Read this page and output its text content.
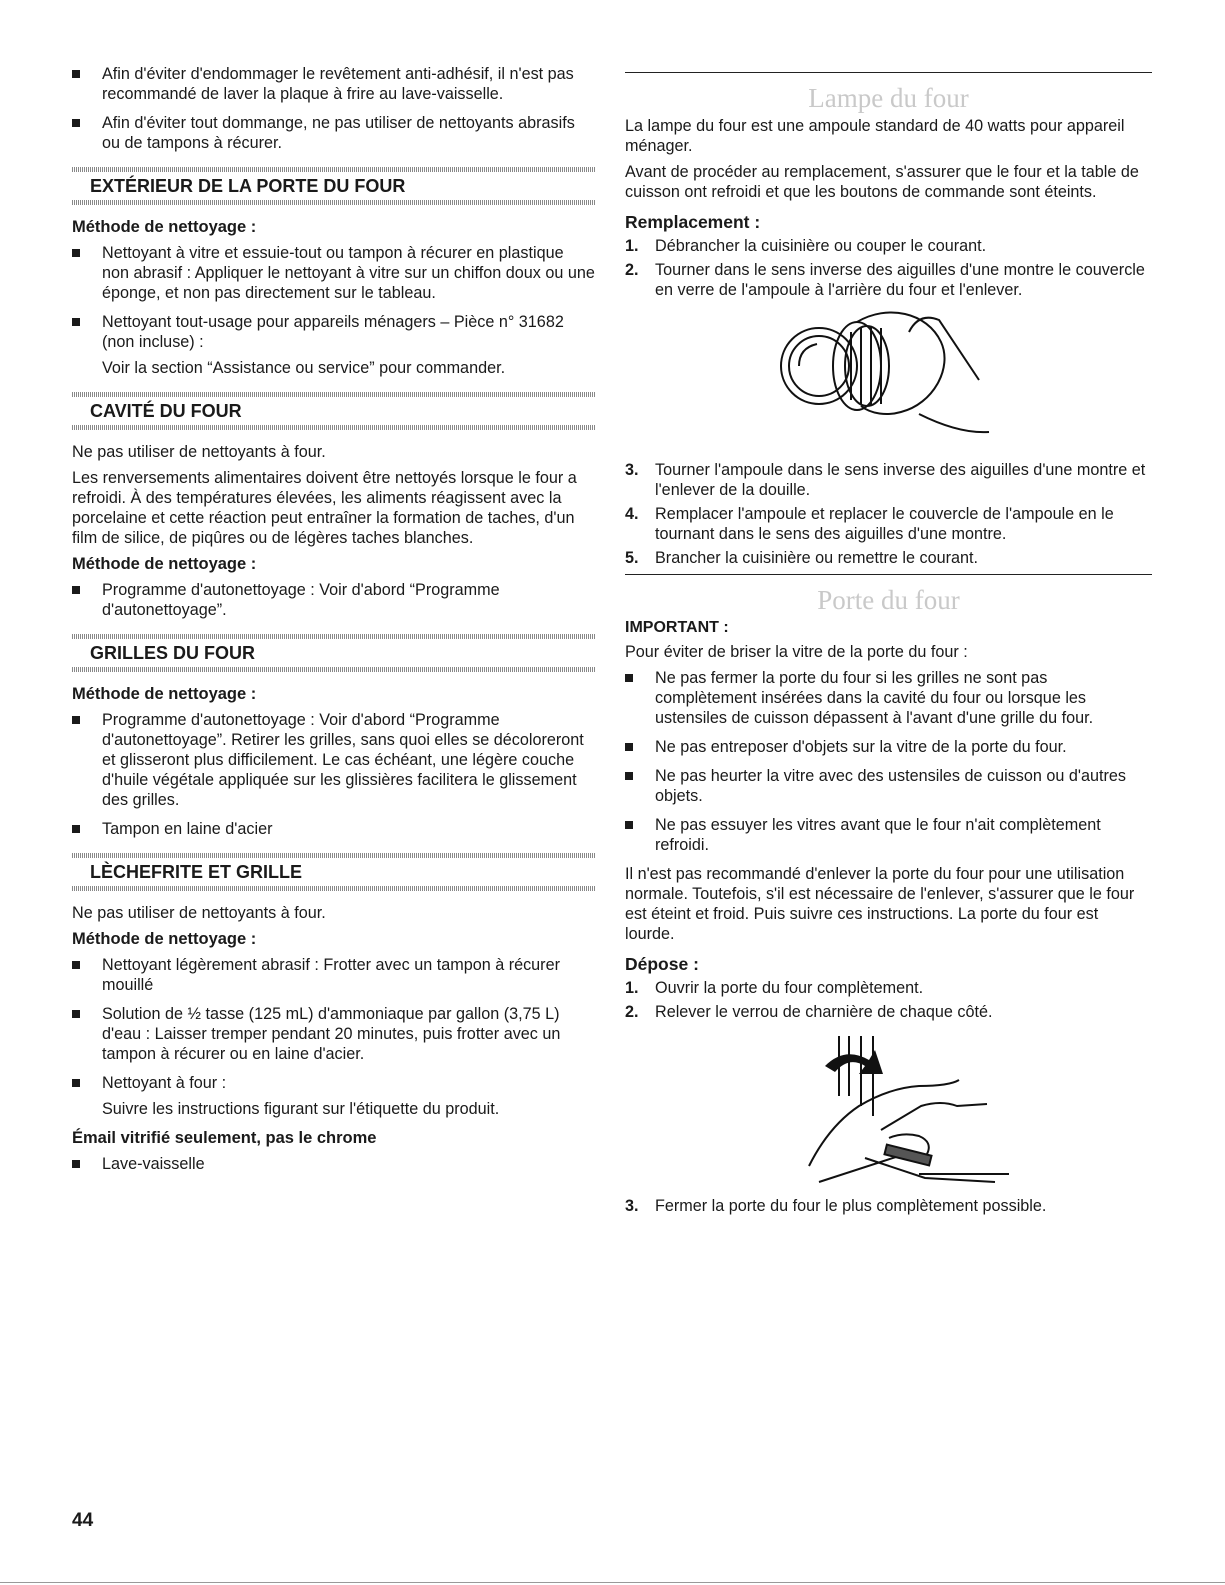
Afin d'éviter d'endommager le revêtement anti-adhésif, il n'est pas recommandé de laver la plaque à frire au lave-vaisselle.
Afin d'éviter tout dommange, ne pas utiliser de nettoyants abrasifs ou de tampons à récurer.
EXTÉRIEUR DE LA PORTE DU FOUR
Méthode de nettoyage :
Nettoyant à vitre et essuie-tout ou tampon à récurer en plastique non abrasif : Appliquer le nettoyant à vitre sur un chiffon doux ou une éponge, et non pas directement sur le tableau.
Nettoyant tout-usage pour appareils ménagers – Pièce n° 31682 (non incluse) :
Voir la section “Assistance ou service” pour commander.
CAVITÉ DU FOUR

Ne pas utiliser de nettoyants à four.

Les renversements alimentaires doivent être nettoyés lorsque le four a refroidi. À des températures élevées, les aliments réagissent avec la porcelaine et cette réaction peut entraîner la formation de taches, d'un film de silice, de piqûres ou de légères taches blanches.

Méthode de nettoyage :
Programme d'autonettoyage : Voir d'abord “Programme d'autonettoyage”.
GRILLES DU FOUR
Méthode de nettoyage :
Programme d'autonettoyage : Voir d'abord “Programme d'autonettoyage”. Retirer les grilles, sans quoi elles se décoloreront et glisseront plus difficilement. Le cas échéant, une légère couche d'huile végétale appliquée sur les glissières facilitera le glissement des grilles.
Tampon en laine d'acier
LÈCHEFRITE ET GRILLE

Ne pas utiliser de nettoyants à four.

Méthode de nettoyage :
Nettoyant légèrement abrasif : Frotter avec un tampon à récurer mouillé
Solution de ½ tasse (125 mL) d'ammoniaque par gallon (3,75 L) d'eau : Laisser tremper pendant 20 minutes, puis frotter avec un tampon à récurer ou en laine d'acier.
Nettoyant à four :
Suivre les instructions figurant sur l'étiquette du produit.
Émail vitrifié seulement, pas le chrome
Lave-vaisselle
Lampe du four

La lampe du four est une ampoule standard de 40 watts pour appareil ménager.

Avant de procéder au remplacement, s'assurer que le four et la table de cuisson ont refroidi et que les boutons de commande sont éteints.

Remplacement :
1. Débrancher la cuisinière ou couper le courant.
2. Tourner dans le sens inverse des aiguilles d'une montre le couvercle en verre de l'ampoule à l'arrière du four et l'enlever.
3. Tourner l'ampoule dans le sens inverse des aiguilles d'une montre et l'enlever de la douille.
4. Remplacer l'ampoule et replacer le couvercle de l'ampoule en le tournant dans le sens des aiguilles d'une montre.
5. Brancher la cuisinière ou remettre le courant.
Porte du four
IMPORTANT :

Pour éviter de briser la vitre de la porte du four :

Ne pas fermer la porte du four si les grilles ne sont pas complètement insérées dans la cavité du four ou lorsque les ustensiles de cuisson dépassent à l'avant d'une grille du four.
Ne pas entreposer d'objets sur la vitre de la porte du four.
Ne pas heurter la vitre avec des ustensiles de cuisson ou d'autres objets.
Ne pas essuyer les vitres avant que le four n'ait complètement refroidi.

Il n'est pas recommandé d'enlever la porte du four pour une utilisation normale. Toutefois, s'il est nécessaire de l'enlever, s'assurer que le four est éteint et froid. Puis suivre ces instructions. La porte du four est lourde.

Dépose :
1. Ouvrir la porte du four complètement.
2. Relever le verrou de charnière de chaque côté.
3. Fermer la porte du four le plus complètement possible.
44
